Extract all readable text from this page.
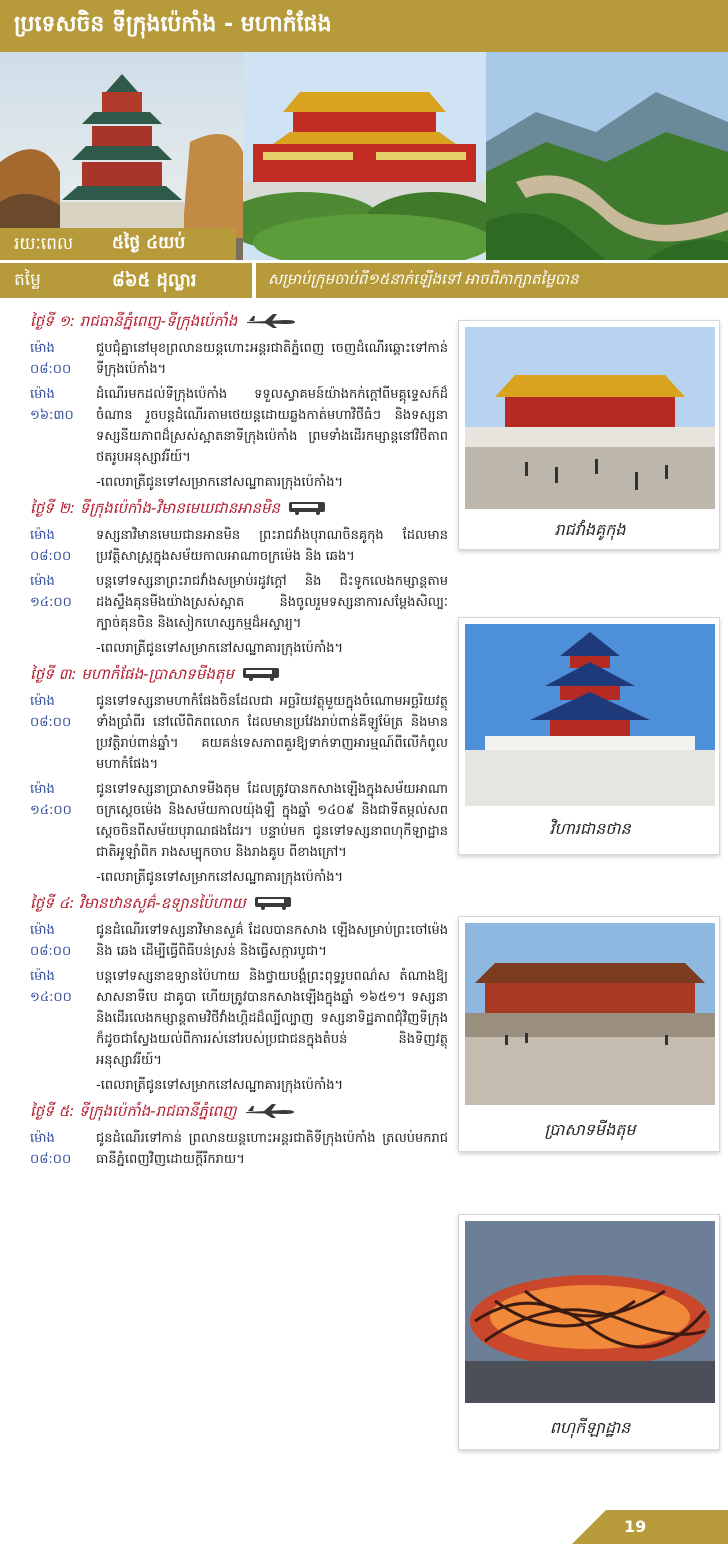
ប្រទេសចិន ទីក្រុងប៉េកាំង - មហាកំផែង
រយៈពេល ៥ថ្ងៃ ៤យប់
តម្លៃ	៨៦៥ ដុល្លារ	សម្រាប់ក្រុមចាប់ពី១៥នាក់ឡើងទៅ អាចពិភាក្សាតម្លៃបាន
ថ្ងៃទី ១: រាជធានីភ្នំពេញ-ទីក្រុងប៉េកាំង
ម៉ោង ០៨:០០
ជួបជុំគ្នានៅមុខព្រលានយន្តហោះអន្តរជាតិភ្នំពេញ ចេញដំណើរឆ្ពោះទៅកាន់ទីក្រុងប៉េកាំង។
ម៉ោង ១៦:៣០
ដំណើរមកដល់ទីក្រុងប៉េកាំង ទទួលស្វាគមន៍យ៉ាងកក់ក្តៅពីមគ្គុទ្ទេសក៍ដ៏ចំណាន រួចបន្តដំណើរតាមថេយន្តដោយឆ្លងកាត់មហាវិថីធំៗ និងទស្សនាទស្សនីយភាពដ៏ស្រស់ស្អាតនាទីក្រុងប៉េកាំង ព្រមទាំងដើរកម្សាន្តនៅវិថីតាពថតរូបអនុស្សាវរីយ៍។
-ពេលរាត្រីជូនទៅសម្រាកនៅសណ្ឋាគារក្រុងប៉េកាំង។
ថ្ងៃទី ២: ទីក្រុងប៉េកាំង-វិមានមេឃជានអានមិន
ម៉ោង ០៨:០០
ទស្សនាវិមានមេឃជានអានមិន ព្រះរាជវាំងបុរាណចិនគូកុង ដែលមានប្រវត្តិសាស្ត្រក្នុងសម័យកាលអាណាចក្រម៉េង និង ឆេង។
ម៉ោង ១៤:០០
បន្តទៅទស្សនាព្រះរាជវាំងសម្រាប់រដូវក្តៅ និង ជិះទូកលេងកម្សាន្តតាមដងស្ទឹងគុនមីងយ៉ាងស្រស់ស្អាត និងចូលរួមទស្សនាការសម្តែងសិល្បៈក្បាច់គុនចិន និងសៀកហេស្សកម្មដ៏អស្ចារ្យ។
-ពេលរាត្រីជូនទៅសម្រាកនៅសណ្ឋាគារក្រុងប៉េកាំង។
ថ្ងៃទី ៣: មហាកំផែង-ប្រាសាទមីងតុម
ម៉ោង ០៨:០០
ជូនទៅទស្សនាមហាកំផែងចិនដែលជា អច្ឆរិយវត្ថុមួយក្នុងចំណោមអច្ឆរិយវត្ថុទាំងប្រាំពីរ នៅលើពិភពលោក ដែលមានប្រវែងរាប់ពាន់គីឡូម៉ែត្រ និងមានប្រវត្តិរាប់ពាន់ឆ្នាំ។ គយគន់ទេសភាពគួរឱ្យទាក់ទាញអារម្មណ៍ពីលើកំពូលមហាកំផែង។
ម៉ោង ១៤:០០
ជូនទៅទស្សនាប្រាសាទមីងតុម ដែលត្រូវបានកសាងឡើងក្នុងសម័យអាណាចក្រស្តេចម៉េង និងសម័យកាលយ៉ុងឡឺ ក្នុងឆ្នាំ ១៤០៩ និងជាទីតម្កល់សពស្តេចចិនពីសម័យបុរាណផងដែរ។ បន្ទាប់មក ជូនទៅទស្សនាពហុកីឡាដ្ឋានជាតិអូឡាំពិក រាងសម្បុកចាប និងរាងគូប ពីខាងក្រៅ។
-ពេលរាត្រីជូនទៅសម្រាកនៅសណ្ឋាគារក្រុងប៉េកាំង។
ថ្ងៃទី ៤: វិមានឋានសួគ៌-ឧទ្យានប៉ៃហាយ
ម៉ោង ០៨:០០
ជូនដំណើរទៅទស្សនាវិមានសួគ៌ ដែលបានកសាង ឡើងសម្រាប់ព្រះចៅម៉េង និង ឆេង ដើម្បីធ្វើពិធីបន់ស្រន់ និងធ្វើសក្ការបូជា។
ម៉ោង ១៤:០០
បន្តទៅទស្សនាឧទ្យានប៉ៃហាយ និងថ្វាយបង្គំព្រះពុទ្ធរូបពណ៌ស តំណាងឱ្យសាសនាទីបេ ដាគូបា ហើយត្រូវបានកសាងឡើងក្នុងឆ្នាំ ១៦៥១។ ទស្សនា និងដើរលេងកម្សាន្តតាមវិថីវាំងហ្គិដដ៏ល្បីល្បាញ ទស្សនាទិដ្ឋភាពជុំវិញទីក្រុង ក៏ដូចជាស្វែងយល់ពីការរស់នៅរបស់ប្រជាជនក្នុងតំបន់ និងទិញវត្ថុអនុស្សាវរីយ៍។
-ពេលរាត្រីជូនទៅសម្រាកនៅសណ្ឋាគារក្រុងប៉េកាំង។
ថ្ងៃទី ៥: ទីក្រុងប៉េកាំង-រាជធានីភ្នំពេញ
ម៉ោង ០៨:០០
ជូនដំណើរទៅកាន់ ព្រលានយន្តហោះអន្តរជាតិទីក្រុងប៉េកាំង ត្រលប់មករាជធានីភ្នំពេញវិញដោយក្តីរីករាយ។
រាជវាំងគូកុង
វិហារជានថាន
ប្រាសាទមីងតុម
ពហុកីឡាដ្ឋាន
19
